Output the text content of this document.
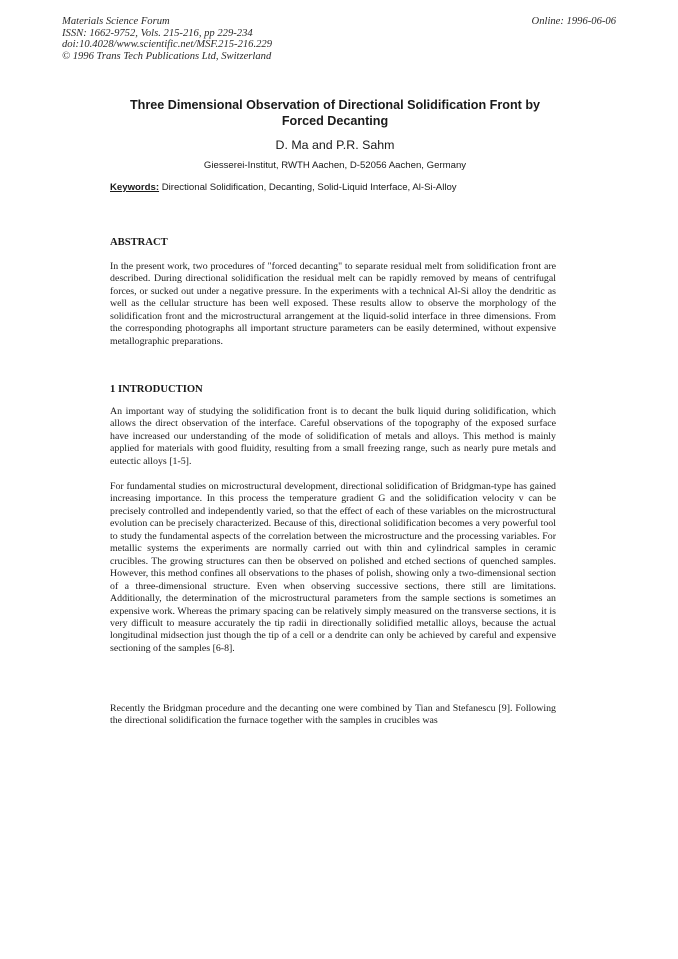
Materials Science Forum
ISSN: 1662-9752, Vols. 215-216, pp 229-234
doi:10.4028/www.scientific.net/MSF.215-216.229
© 1996 Trans Tech Publications Ltd, Switzerland
Online: 1996-06-06
Three Dimensional Observation of Directional Solidification Front by
Forced Decanting
D. Ma and P.R. Sahm
Giesserei-Institut, RWTH Aachen, D-52056 Aachen, Germany
Keywords: Directional Solidification, Decanting, Solid-Liquid Interface, Al-Si-Alloy
ABSTRACT
In the present work, two procedures of "forced decanting" to separate residual melt from solidification front are described. During directional solidification the residual melt can be rapidly removed by means of centrifugal forces, or sucked out under a negative pressure. In the experiments with a technical Al-Si alloy the dendritic as well as the cellular structure has been well exposed. These results allow to observe the morphology of the solidification front and the microstructural arrangement at the liquid-solid interface in three dimensions. From the corresponding photographs all important structure parameters can be easily determined, without expensive metallographic preparations.
1 INTRODUCTION
An important way of studying the solidification front is to decant the bulk liquid during solidification, which allows the direct observation of the interface. Careful observations of the topography of the exposed surface have increased our understanding of the mode of solidification of metals and alloys. This method is mainly applied for materials with good fluidity, resulting from a small freezing range, such as nearly pure metals and eutectic alloys [1-5].
For fundamental studies on microstructural development, directional solidification of Bridgman-type has gained increasing importance. In this process the temperature gradient G and the solidification velocity v can be precisely controlled and independently varied, so that the effect of each of these variables on the microstructural evolution can be precisely characterized. Because of this, directional solidification becomes a very powerful tool to study the fundamental aspects of the correlation between the microstructure and the processing variables. For metallic systems the experiments are normally carried out with thin and cylindrical samples in ceramic crucibles. The growing structures can then be observed on polished and etched sections of quenched samples. However, this method confines all observations to the phases of polish, showing only a two-dimensional section of a three-dimensional structure. Even when observing successive sections, there still are limitations. Additionally, the determination of the microstructural parameters from the sample sections is sometimes an expensive work. Whereas the primary spacing can be relatively simply measured on the transverse sections, it is very difficult to measure accurately the tip radii in directionally solidified metallic alloys, because the actual longitudinal midsection just though the tip of a cell or a dendrite can only be achieved by careful and expensive sectioning of the samples [6-8].
Recently the Bridgman procedure and the decanting one were combined by Tian and Stefanescu [9]. Following the directional solidification the furnace together with the samples in crucibles was
